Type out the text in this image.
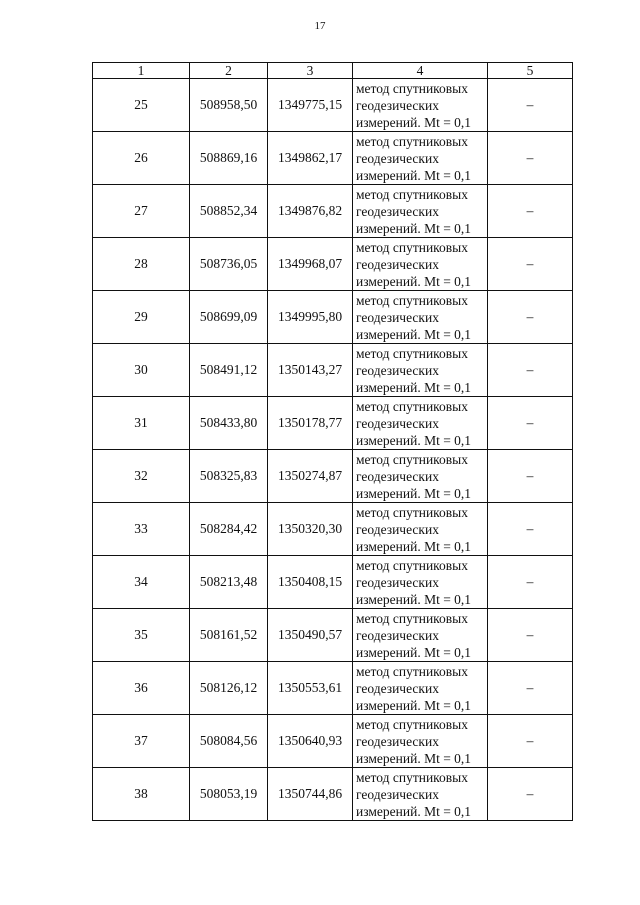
17
1	2	3	4	5
25	508958,50	1349775,15	метод спутниковых
геодезических
измерений. Mt = 0,1	–
26	508869,16	1349862,17	метод спутниковых
геодезических
измерений. Mt = 0,1	–
27	508852,34	1349876,82	метод спутниковых
геодезических
измерений. Mt = 0,1	–
28	508736,05	1349968,07	метод спутниковых
геодезических
измерений. Mt = 0,1	–
29	508699,09	1349995,80	метод спутниковых
геодезических
измерений. Mt = 0,1	–
30	508491,12	1350143,27	метод спутниковых
геодезических
измерений. Mt = 0,1	–
31	508433,80	1350178,77	метод спутниковых
геодезических
измерений. Mt = 0,1	–
32	508325,83	1350274,87	метод спутниковых
геодезических
измерений. Mt = 0,1	–
33	508284,42	1350320,30	метод спутниковых
геодезических
измерений. Mt = 0,1	–
34	508213,48	1350408,15	метод спутниковых
геодезических
измерений. Mt = 0,1	–
35	508161,52	1350490,57	метод спутниковых
геодезических
измерений. Mt = 0,1	–
36	508126,12	1350553,61	метод спутниковых
геодезических
измерений. Mt = 0,1	–
37	508084,56	1350640,93	метод спутниковых
геодезических
измерений. Mt = 0,1	–
38	508053,19	1350744,86	метод спутниковых
геодезических
измерений. Mt = 0,1	–
